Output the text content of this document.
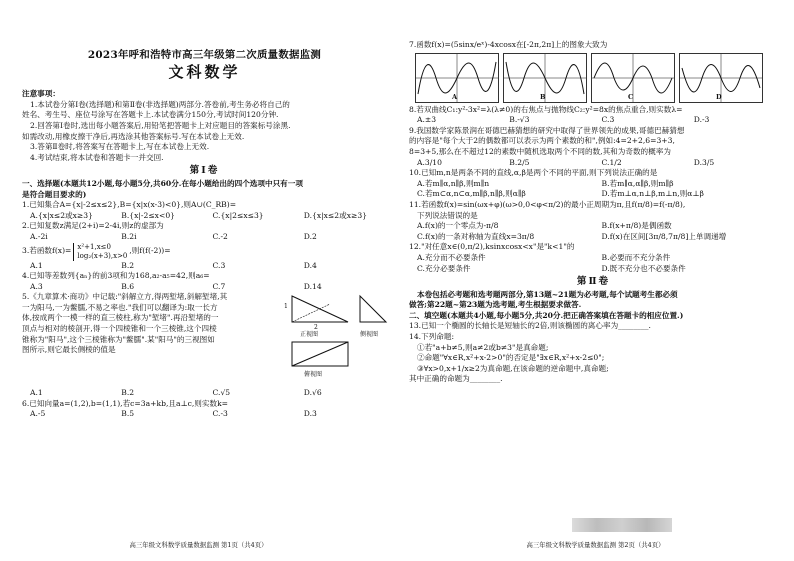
2023年呼和浩特市高三年级第二次质量数据监测
文科数学
注意事项：

1.本试卷分第Ⅰ卷(选择题)和第Ⅱ卷(非选择题)两部分.答卷前,考生务必将自己的

姓名、考生号、座位号涂写在答题卡上.本试卷满分150分,考试时间120分钟.

2.回答第Ⅰ卷时,选出每小题答案后,用铅笔把答题卡上对应题目的答案标号涂黑.

如需改动,用橡皮擦干净后,再选涂其他答案标号.写在本试卷上无效.

3.答第Ⅱ卷时,将答案写在答题卡上,写在本试卷上无效.

4.考试结束,将本试卷和答题卡一并交回.

第Ⅰ卷

一、选择题(本题共12小题,每小题5分,共60分.在每小题给出的四个选项中只有一项

是符合题目要求的)

1.已知集合A={x|-2≤x≤2},B={x|x(x-3)<0},则A∪(C_RB)=

A.{x|x≤2或x≥3}	B.{x|-2≤x<0}	C.{x|2≤x≤3}	D.{x|x≤2或x≥3}

2.已知复数z满足(2+i)=2-4i,则z的虚部为

A.-2i	B.2i	C.-2	D.2
3.若函数f(x)= x²+1,x≤0
log₂(x+3),x>0
,则f(f(-2))=
A.1	B.2	C.3	D.4

4.已知等差数列{aₙ}的前3项和为168,a₂-a₅=42,则a₆=

A.3	B.6	C.7	D.14

5.《九章算术·商功》中记载:"斜解立方,得两堑堵,斜解堑堵,其

一为阳马,一为鳖臑,不易之率也."我们可以翻译为:取一长方

体,按成两个一模一样的直三棱柱,称为"堑堵".再沿堑堵的一

顶点与相对的棱剖开,得一个四棱锥和一个三棱锥,这个四棱

锥称为"阳马",这个三棱锥称为"鳖臑".某"阳马"的三视图如

图所示,则它最长侧棱的值是

1
2
正视图	侧视图
俯视图
A.1	B.2	C.√5	D.√6

6.已知向量a=(1,2),b=(1,1),若c=3a+kb,且a⊥c,则实数k=

A.-5	B.5	C.-3	D.3
高三年级文科数学质量数据监测 第1页（共4页）

7.函数f(x)=(5sinx/eˣ)-4xcosx在[-2π,2π]上的图象大致为

A	B	C	D

8.若双曲线C₁:y²-3x²=λ(λ≠0)的右焦点与抛物线C₂:y²=8x的焦点重合,则实数λ=

A.±3	B.-√3	C.3	D.-3

9.我国数学家陈景润在哥德巴赫猜想的研究中取得了世界领先的成果,哥德巴赫猜想

的内容是"每个大于2的偶数都可以表示为两个素数的和",例如:4=2+2,6=3+3,

8=3+5,那么在不超过12的素数中随机选取两个不同的数,其和为奇数的概率为

A.3/10	B.2/5	C.1/2	D.3/5

10.已知m,n是两条不同的直线,α,β是两个不同的平面,则下列说法正确的是

A.若m∥α,n∥β,则m∥n	B.若m∥α,α∥β,则m∥β
C.若m⊂α,n⊂α,m∥β,n∥β,则α∥β	D.若m⊥α,n⊥β,m⊥n,则α⊥β

11.若函数f(x)=sin(ωx+φ)(ω>0,0<φ<π/2)的最小正周期为π,且f(π/8)=f(-π/8),

下列说法错误的是

A.f(x)的一个零点为-π/8	B.f(x+π/8)是偶函数
C.f(x)的一条对称轴为直线x=3π/8	D.f(x)在区间[3π/8,7π/8]上单调递增

12."对任意x∈(0,π/2),ksinxcosx<x"是"k<1"的

A.充分而不必要条件	B.必要而不充分条件
C.充分必要条件	D.既不充分也不必要条件
第Ⅱ卷

本卷包括必考题和选考题两部分,第13题~21题为必考题,每个试题考生都必须

做答;第22题~第23题为选考题,考生根据要求做答.

二、填空题(本题共4小题,每小题5分,共20分.把正确答案填在答题卡的相应位置.)

13.已知一个椭圆的长轴长是短轴长的2倍,则该椭圆的离心率为________.

14.下列命题:

①若"a+b≠5,则a≠2或b≠3"是真命题;

②命题"∀x∈R,x²+x-2>0"的否定是"∃x∈R,x²+x-2≤0";

③∀x>0,x+1/x≥2为真命题,在该命题的逆命题中,真命题;

其中正确的命题为________.

高三年级文科数学质量数据监测 第2页（共4页）
